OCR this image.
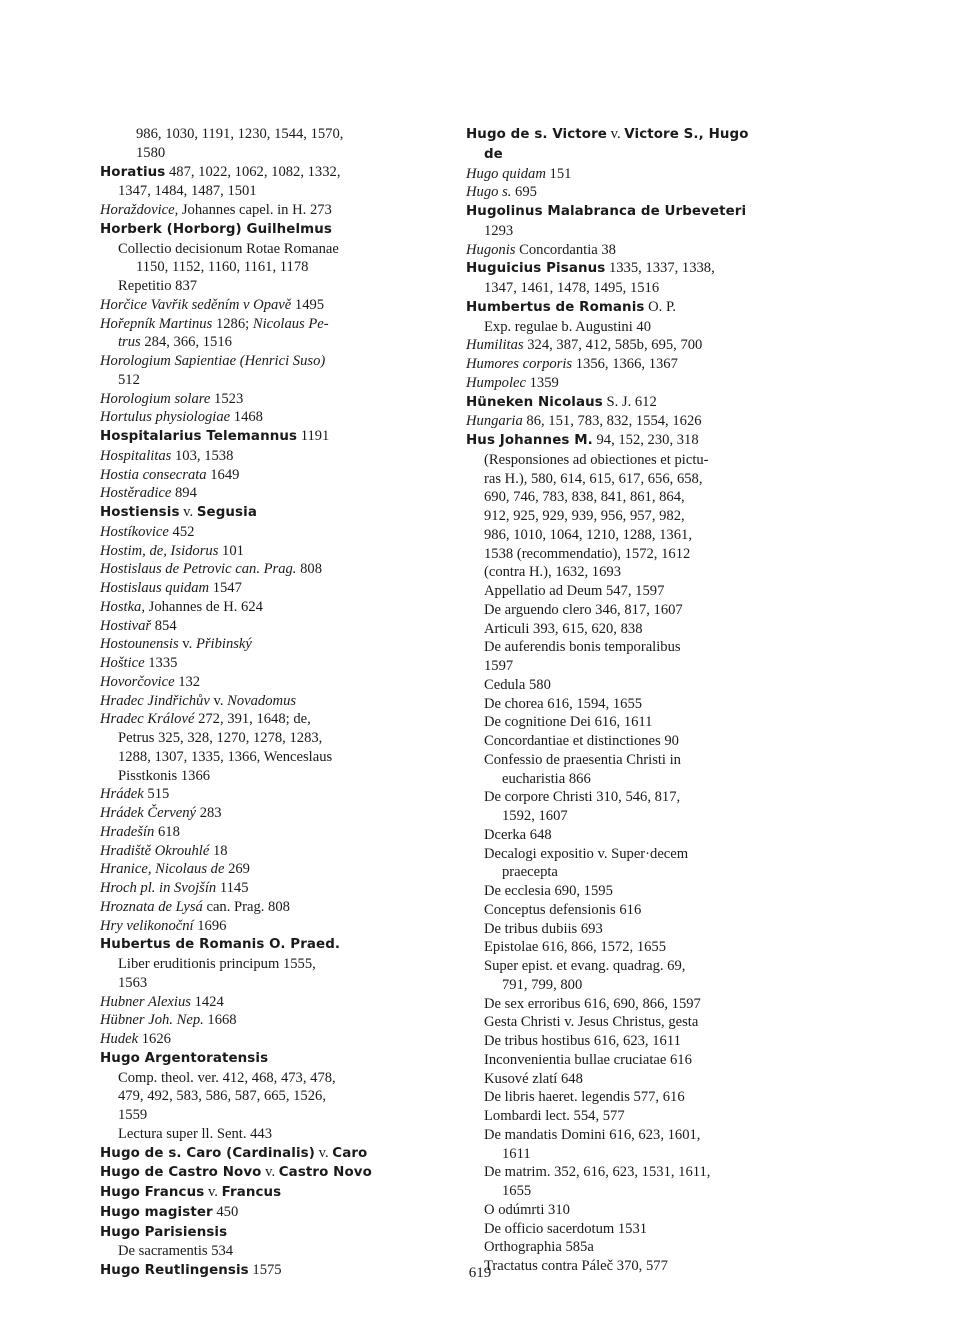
986, 1030, 1191, 1230, 1544, 1570,
1580
Horatius 487, 1022, 1062, 1082, 1332,
1347, 1484, 1487, 1501
Horaždovice, Johannes capel. in H. 273
Horberk (Horborg) Guilhelmus
Collectio decisionum Rotae Romanae
1150, 1152, 1160, 1161, 1178
Repetitio 837
Horčice Vavřik seděním v Opavě 1495
Hořepník Martinus 1286; Nicolaus Pe-
trus 284, 366, 1516
Horologium Sapientiae (Henrici Suso)
512
Horologium solare 1523
Hortulus physiologiae 1468
Hospitalarius Telemannus 1191
Hospitalitas 103, 1538
Hostia consecrata 1649
Hostěradice 894
Hostiensis v. Segusia
Hostíkovice 452
Hostim, de, Isidorus 101
Hostislaus de Petrovic can. Prag. 808
Hostislaus quidam 1547
Hostka, Johannes de H. 624
Hostivař 854
Hostounensis v. Přibinský
Hoštice 1335
Hovorčovice 132
Hradec Jindřichův v. Novadomus
Hradec Králové 272, 391, 1648; de,
Petrus 325, 328, 1270, 1278, 1283,
1288, 1307, 1335, 1366, Wenceslaus
Pisstkonis 1366
Hrádek 515
Hrádek Červený 283
Hradešín 618
Hradiště Okrouhlé 18
Hranice, Nicolaus de 269
Hroch pl. in Svojšín 1145
Hroznata de Lysá can. Prag. 808
Hry velikonoční 1696
Hubertus de Romanis O. Praed.
Liber eruditionis principum 1555,
1563
Hubner Alexius 1424
Hübner Joh. Nep. 1668
Hudek 1626
Hugo Argentoratensis
Comp. theol. ver. 412, 468, 473, 478,
479, 492, 583, 586, 587, 665, 1526,
1559
Lectura super ll. Sent. 443
Hugo de s. Caro (Cardinalis) v. Caro
Hugo de Castro Novo v. Castro Novo
Hugo Francus v. Francus
Hugo magister 450
Hugo Parisiensis
De sacramentis 534
Hugo Reutlingensis 1575
Hugo de s. Victore v. Victore S., Hugo
de
Hugo quidam 151
Hugo s. 695
Hugolinus Malabranca de Urbeveteri
1293
Hugonis Concordantia 38
Huguicius Pisanus 1335, 1337, 1338,
1347, 1461, 1478, 1495, 1516
Humbertus de Romanis O. P.
Exp. regulae b. Augustini 40
Humilitas 324, 387, 412, 585b, 695, 700
Humores corporis 1356, 1366, 1367
Humpolec 1359
Hüneken Nicolaus S. J. 612
Hungaria 86, 151, 783, 832, 1554, 1626
Hus Johannes M. 94, 152, 230, 318
(Responsiones ad obiectiones et pictu-
ras H.), 580, 614, 615, 617, 656, 658,
690, 746, 783, 838, 841, 861, 864,
912, 925, 929, 939, 956, 957, 982,
986, 1010, 1064, 1210, 1288, 1361,
1538 (recommendatio), 1572, 1612
(contra H.), 1632, 1693
Appellatio ad Deum 547, 1597
De arguendo clero 346, 817, 1607
Articuli 393, 615, 620, 838
De auferendis bonis temporalibus
1597
Cedula 580
De chorea 616, 1594, 1655
De cognitione Dei 616, 1611
Concordantiae et distinctiones 90
Confessio de praesentia Christi in
eucharistia 866
De corpore Christi 310, 546, 817,
1592, 1607
Dcerka 648
Decalogi expositio v. Super·decem
praecepta
De ecclesia 690, 1595
Conceptus defensionis 616
De tribus dubiis 693
Epistolae 616, 866, 1572, 1655
Super epist. et evang. quadrag. 69,
791, 799, 800
De sex erroribus 616, 690, 866, 1597
Gesta Christi v. Jesus Christus, gesta
De tribus hostibus 616, 623, 1611
Inconvenientia bullae cruciatae 616
Kusové zlatí 648
De libris haeret. legendis 577, 616
Lombardi lect. 554, 577
De mandatis Domini 616, 623, 1601,
1611
De matrim. 352, 616, 623, 1531, 1611,
1655
O odúmrti 310
De officio sacerdotum 1531
Orthographia 585a
Tractatus contra Páleč 370, 577
619
